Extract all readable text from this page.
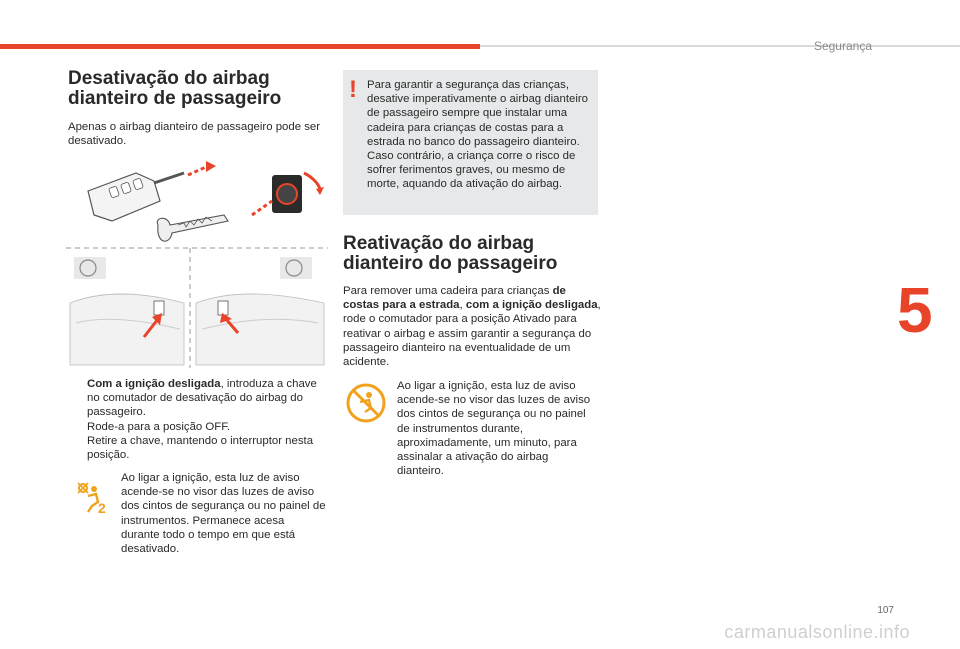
Segurança
Desativação do airbag dianteiro de passageiro
Apenas o airbag dianteiro de passageiro pode ser desativado.
Com a ignição desligada, introduza a chave no comutador de desativação do airbag do passageiro.
Rode-a para a posição OFF.
Retire a chave, mantendo o interruptor nesta posição.
2
Ao ligar a ignição, esta luz de aviso acende-se no visor das luzes de aviso dos cintos de segurança ou no painel de instrumentos. Permanece acesa durante todo o tempo em que está desativado.
! Para garantir a segurança das crianças, desative imperativamente o airbag dianteiro de passageiro sempre que instalar uma cadeira para crianças de costas para a estrada no banco do passageiro dianteiro.
Caso contrário, a criança corre o risco de sofrer ferimentos graves, ou mesmo de morte, aquando da ativação do airbag.
Reativação do airbag dianteiro do passageiro
Para remover uma cadeira para crianças de costas para a estrada, com a ignição desligada, rode o comutador para a posição Ativado para reativar o airbag e assim garantir a segurança do passageiro dianteiro na eventualidade de um acidente.
Ao ligar a ignição, esta luz de aviso acende-se no visor das luzes de aviso dos cintos de segurança ou no painel de instrumentos durante, aproximadamente, um minuto, para assinalar a ativação do airbag dianteiro.
5
107
carmanualsonline.info
